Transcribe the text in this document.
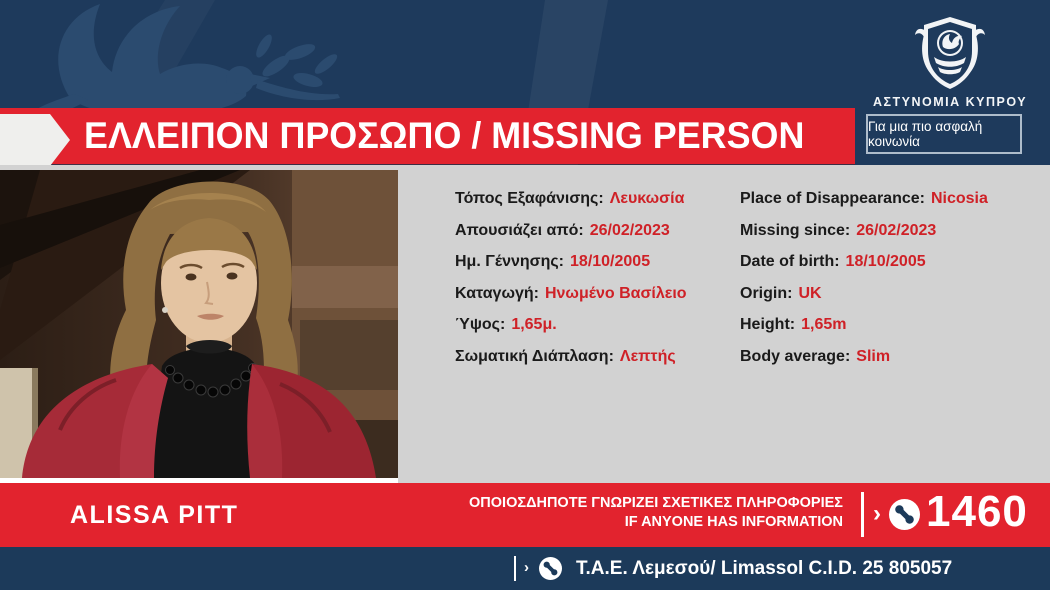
ΑΣΤΥΝΟΜΙΑ ΚΥΠΡΟΥ
Για μια πιο ασφαλή κοινωνία
ΕΛΛΕΙΠΟΝ ΠΡΟΣΩΠΟ / MISSING PERSON
Τόπος Εξαφάνισης: Λευκωσία
Απουσιάζει από: 26/02/2023
Ημ. Γέννησης: 18/10/2005
Καταγωγή: Ηνωμένο Βασίλειο
Ύψος: 1,65μ.
Σωματική Διάπλαση: Λεπτής
Place of Disappearance: Nicosia
Missing since: 26/02/2023
Date of birth: 18/10/2005
Origin: UK
Height: 1,65m
Body average: Slim
ALISSA PITT	ΟΠΟΙΟΣΔΗΠΟΤΕ ΓΝΩΡΙΖΕΙ ΣΧΕΤΙΚΕΣ ΠΛΗΡΟΦΟΡΙΕΣ
IF ANYONE HAS INFORMATION › 1460
› Τ.Α.Ε. Λεμεσού/ Limassol C.I.D. 25 805057
